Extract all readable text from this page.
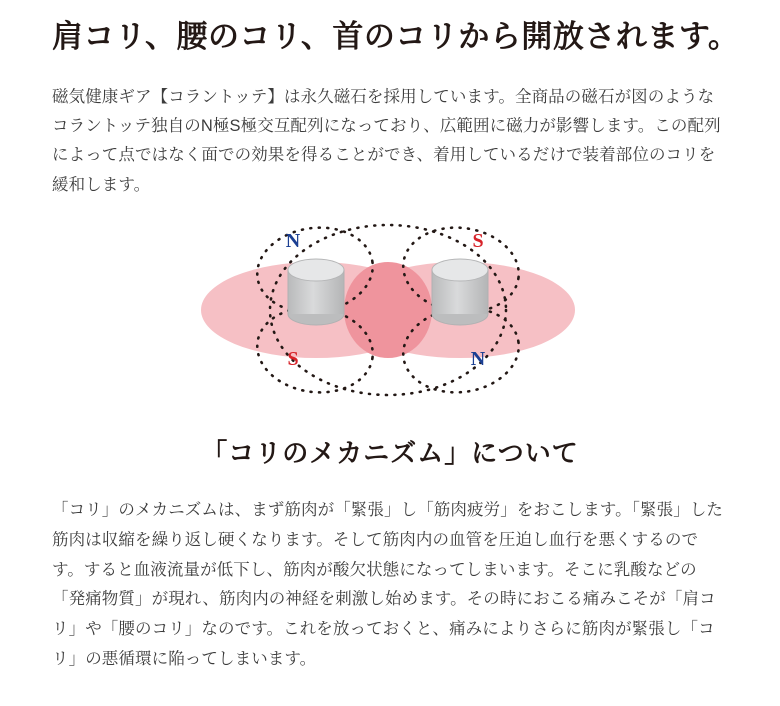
肩コリ、腰のコリ、首のコリから開放されます。

磁気健康ギア【コラントッテ】は永久磁石を採用しています。全商品の磁石が図のようなコラントッテ独自のN極S極交互配列になっており、広範囲に磁力が影響します。この配列によって点ではなく面での効果を得ることができ、着用しているだけで装着部位のコリを緩和します。

N
S
S
N
「コリのメカニズム」について

「コリ」のメカニズムは、まず筋肉が「緊張」し「筋肉疲労」をおこします。「緊張」した筋肉は収縮を繰り返し硬くなります。そして筋肉内の血管を圧迫し血行を悪くするのです。すると血液流量が低下し、筋肉が酸欠状態になってしまいます。そこに乳酸などの「発痛物質」が現れ、筋肉内の神経を刺激し始めます。その時におこる痛みこそが「肩コリ」や「腰のコリ」なのです。これを放っておくと、痛みによりさらに筋肉が緊張し「コリ」の悪循環に陥ってしまいます。
